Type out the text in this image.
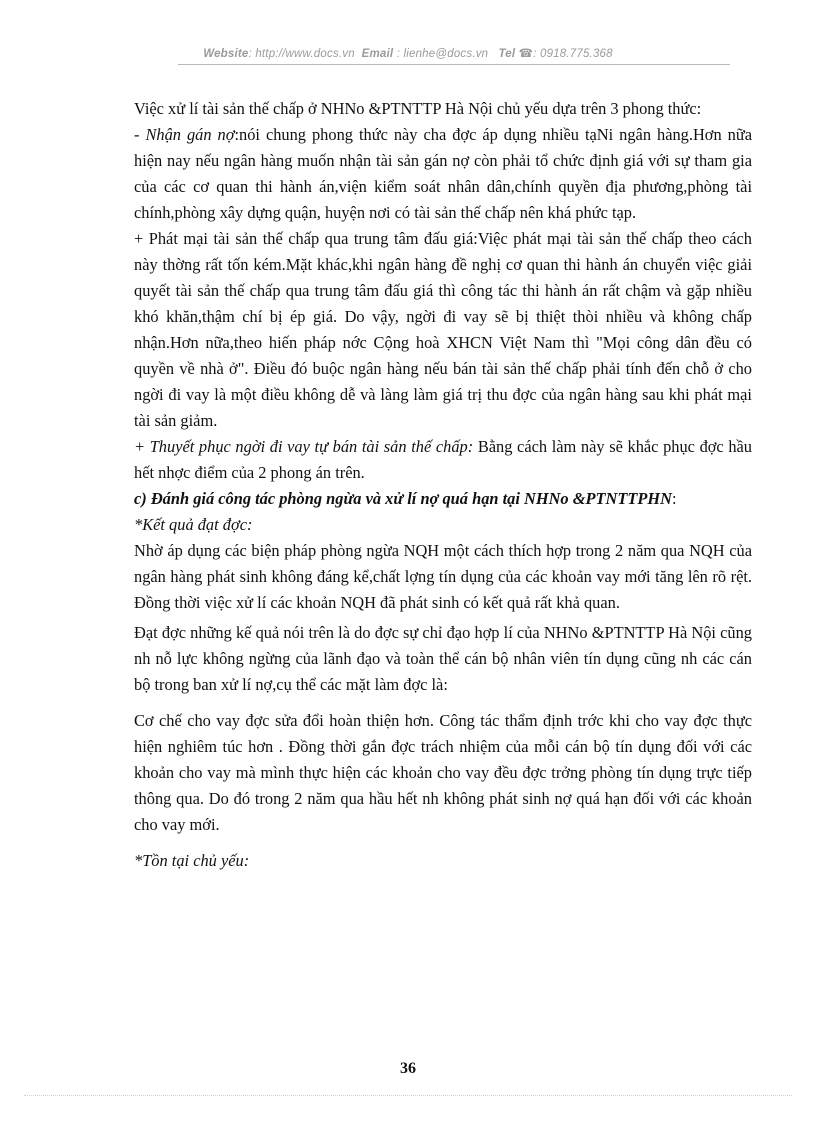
Website: http://www.docs.vn Email : lienhe@docs.vn Tel ☎: 0918.775.368

Việc xử lí tài sản thế chấp ở NHNo &PTNTTP Hà Nội chủ yếu dựa trên 3 phong thức:

- Nhận gán nợ:nói chung phong thức này cha đợc áp dụng nhiều tạNi ngân hàng.Hơn nữa hiện nay nếu ngân hàng muốn nhận tài sản gán nợ còn phải tổ chức định giá với sự tham gia của các cơ quan thi hành án,viện kiểm soát nhân dân,chính quyền địa phương,phòng tài chính,phòng xây dựng quận, huyện nơi có tài sản thế chấp nên khá phức tạp.

+ Phát mại tài sản thế chấp qua trung tâm đấu giá:Việc phát mại tài sản thế chấp theo cách này thờng rất tốn kém.Mặt khác,khi ngân hàng đề nghị cơ quan thi hành án chuyển việc giải quyết tài sản thế chấp qua trung tâm đấu giá thì công tác thi hành án rất chậm và gặp nhiều khó khăn,thậm chí bị ép giá. Do vậy, ngời đi vay sẽ bị thiệt thòi nhiều và không chấp nhận.Hơn nữa,theo hiến pháp nớc Cộng hoà XHCN Việt Nam thì "Mọi công dân đều có quyền về nhà ở". Điều đó buộc ngân hàng nếu bán tài sản thế chấp phải tính đến chỗ ở cho ngời đi vay là một điều không dễ và làng làm giá trị thu đợc của ngân hàng sau khi phát mại tài sản giảm.

+ Thuyết phục ngời đi vay tự bán tài sản thế chấp: Bằng cách làm này sẽ khắc phục đợc hầu hết nhợc điểm của 2 phong án trên.

c) Đánh giá công tác phòng ngừa và xử lí nợ quá hạn tại NHNo &PTNTTPHN:

*Kết quả đạt đợc:

Nhờ áp dụng các biện pháp phòng ngừa NQH một cách thích hợp trong 2 năm qua NQH của ngân hàng phát sinh không đáng kể,chất lợng tín dụng của các khoản vay mới tăng lên rõ rệt. Đồng thời việc xử lí các khoản NQH đã phát sinh có kết quả rất khả quan.

Đạt đợc những kế quả nói trên là do đợc sự chỉ đạo hợp lí của NHNo &PTNTTP Hà Nội cũng nh nỗ lực không ngừng của lãnh đạo và toàn thể cán bộ nhân viên tín dụng cũng nh các cán bộ trong ban xử lí nợ,cụ thể các mặt làm đợc là:

Cơ chế cho vay đợc sửa đổi hoàn thiện hơn. Công tác thẩm định trớc khi cho vay đợc thực hiện nghiêm túc hơn . Đồng thời gắn đợc trách nhiệm của mỗi cán bộ tín dụng đối với các khoản cho vay mà mình thực hiện các khoản cho vay đều đợc trởng phòng tín dụng trực tiếp thông qua. Do đó trong 2 năm qua hầu hết nh không phát sinh nợ quá hạn đối với các khoản cho vay mới.

*Tồn tại chủ yếu:

36
